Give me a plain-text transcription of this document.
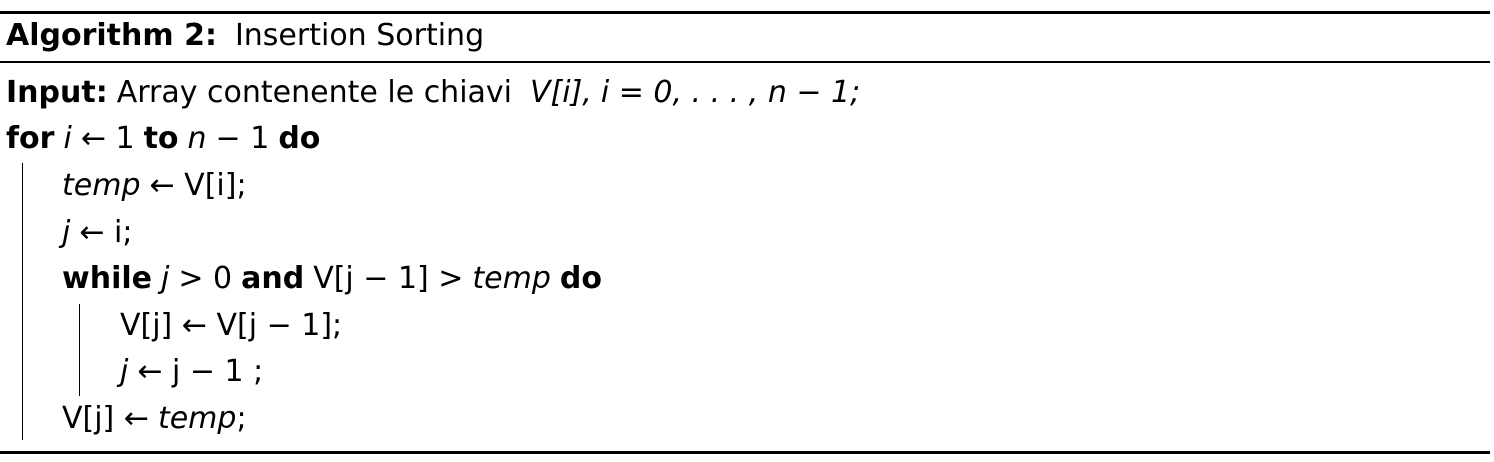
Algorithm 2: Insertion Sorting
Input: Array contenente le chiavi V[i], i = 0, . . . , n − 1;
for i ← 1 to n − 1 do
temp ← V[i];
j ← i;
while j > 0 and V[j − 1] > temp do
V[j] ← V[j − 1];
j ← j − 1 ;
V[j] ← temp;
